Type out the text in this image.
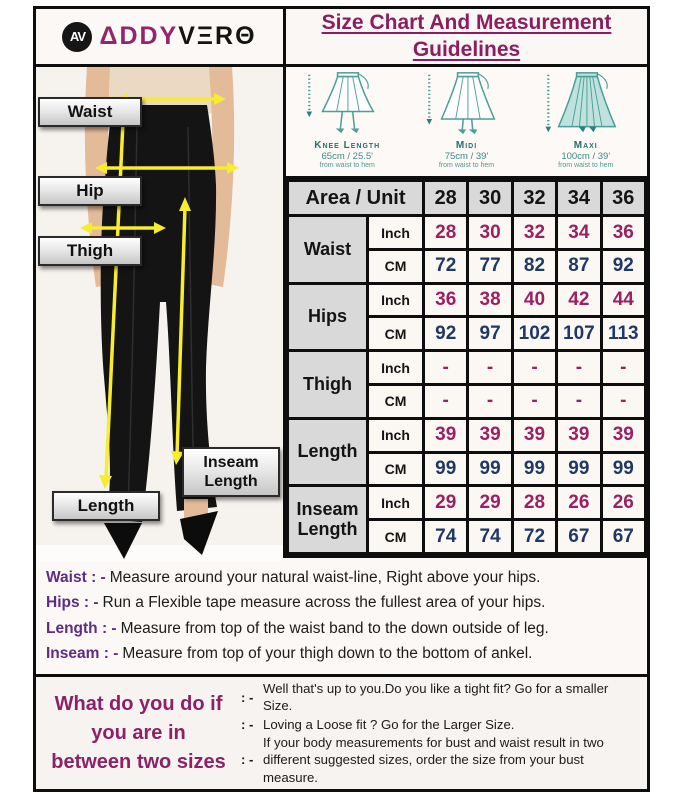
AV ΔDDYVΞRΘ	Size Chart And Measurement
Guidelines
Waist
Hip
Thigh
Length
Inseam
Length
Knee Length
65cm / 25.5'
from waist to hem
Midi
75cm / 39'
from waist to hem
Maxi
100cm / 39'
from waist to hem
Area / Unit		28	30	32	34	36
Waist	Inch	28	30	32	34	36
	CM	72	77	82	87	92
Hips	Inch	36	38	40	42	44
	CM	92	97	102	107	113
Thigh	Inch	-	-	-	-	-
	CM	-	-	-	-	-
Length	Inch	39	39	39	39	39
	CM	99	99	99	99	99
Inseam Length	Inch	29	29	28	26	26
	CM	74	74	72	67	67
Waist : - Measure around your natural waist-line, Right above your hips.
Hips : - Run a Flexible tape measure across the fullest area of your hips.
Length : - Measure from top of the waist band to the down outside of leg.
Inseam : - Measure from top of your thigh down to the bottom of ankel.
What do you do if
you are in
between two sizes
: -
Well that's up to you.Do you like a tight fit? Go for a smaller Size.
: - Loving a Loose fit ? Go for the Larger Size.
: -
If your body measurements for bust and waist result in two different suggested sizes, order the size from your bust measure.
